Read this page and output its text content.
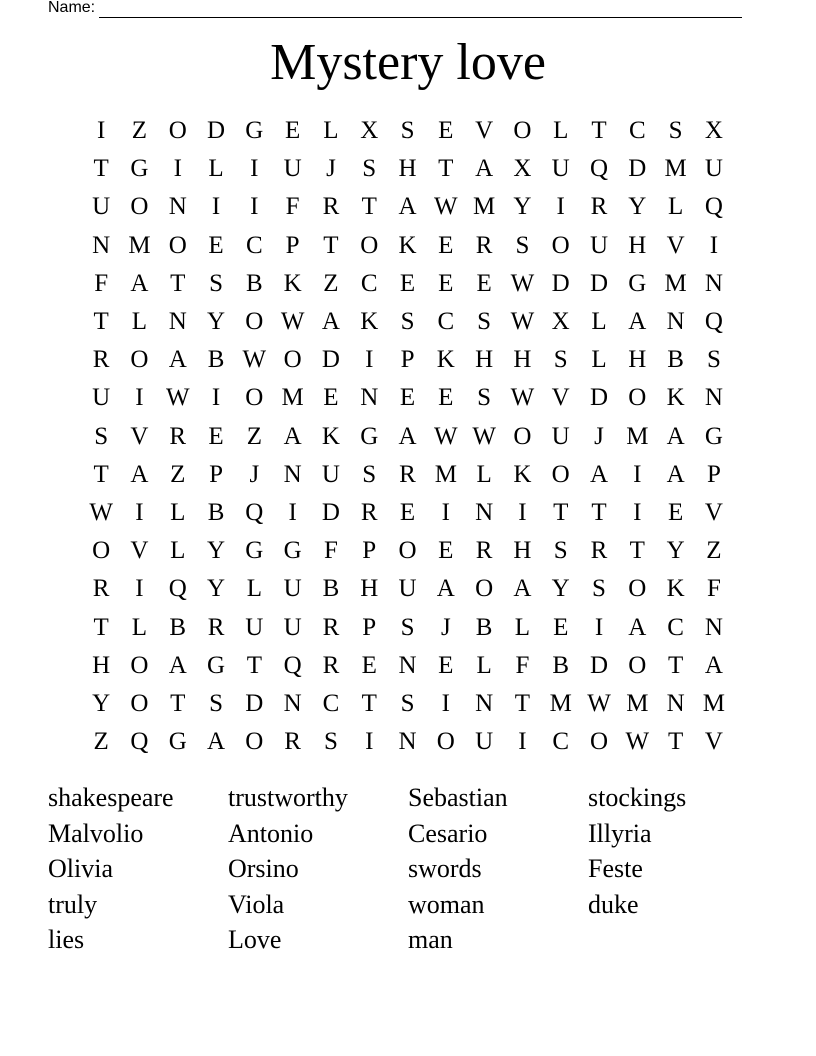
Name:
Mystery love
I	Z O D G E L X S E V O L T C S X
T G	I	L	I	U J	S H T A X U Q D M U
U O N	I	I	F R T A W M Y	I	R Y L Q
N M O E C P T O K E R S O U H V	I
F A T S B K Z C E E E W D D G M N
T L N Y O W A K S C S W X L A N Q
R O A B W O D	I	P K H H S L H B S
U	I W I	O M E N E E S W V D O K N
S V R E Z A K G A W W O U J M A G
T A Z P	J N U S R M L K O A	I	A P
W I	L B Q	I	D R E	I	N	I	T T	I	E V
O V L Y G G F P O E R H S R T Y Z
R	I	Q Y L U B H U A O A Y S O K F
T L B R U U R P S	J	B L E	I	A C N
H O A G T Q R E N E L F B D O T A
Y O T S D N C T S	I	N T M W M N M
Z Q G A O R S	I	N O U	I	C O W T V
shakespeare
Malvolio
Olivia
truly
lies
trustworthy
Antonio
Orsino
Viola
Love
Sebastian
Cesario
swords
woman
man
stockings
Illyria
Feste
duke
